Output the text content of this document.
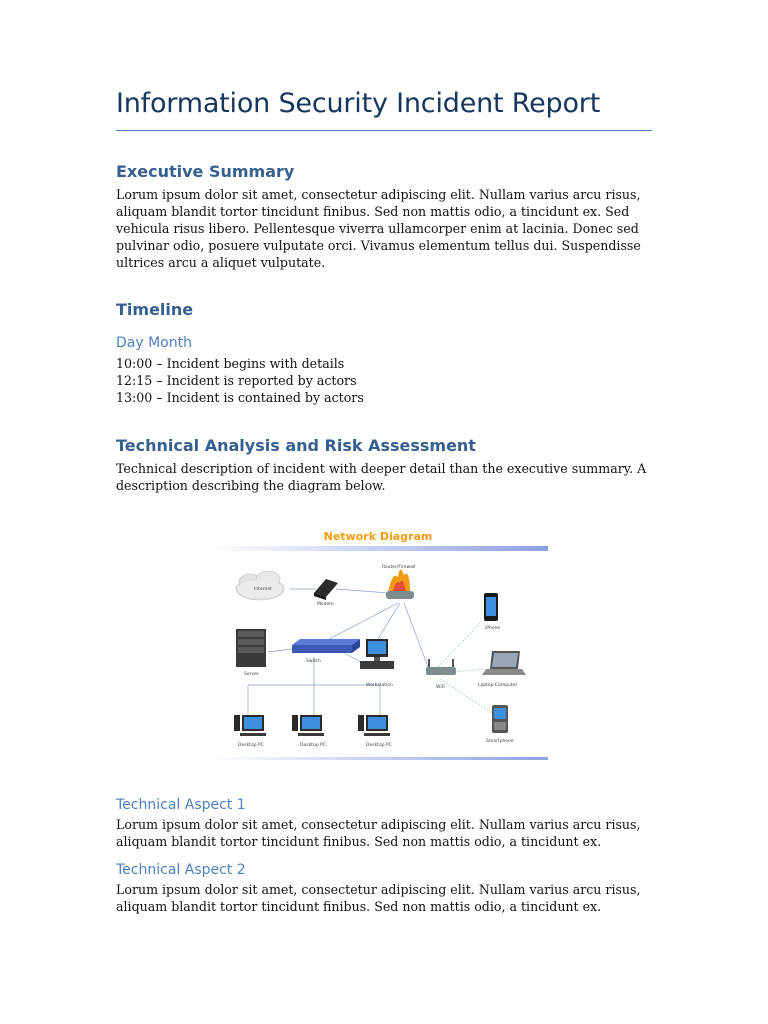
Information Security Incident Report
Executive Summary

Lorum ipsum dolor sit amet, consectetur adipiscing elit. Nullam varius arcu risus, aliquam blandit tortor tincidunt finibus. Sed non mattis odio, a tincidunt ex. Sed vehicula risus libero. Pellentesque viverra ullamcorper enim at lacinia. Donec sed pulvinar odio, posuere vulputate orci. Vivamus elementum tellus dui. Suspendisse ultrices arcu a aliquet vulputate.

Timeline
Day Month
10:00 – Incident begins with details
12:15 – Incident is reported by actors
13:00 – Incident is contained by actors
Technical Analysis and Risk Assessment

Technical description of incident with deeper detail than the executive summary. A description describing the diagram below.

Technical Aspect 1

Lorum ipsum dolor sit amet, consectetur adipiscing elit. Nullam varius arcu risus, aliquam blandit tortor tincidunt finibus. Sed non mattis odio, a tincidunt ex.

Technical Aspect 2

Lorum ipsum dolor sit amet, consectetur adipiscing elit. Nullam varius arcu risus, aliquam blandit tortor tincidunt finibus. Sed non mattis odio, a tincidunt ex.

Network Diagram
Internet
Modem
Router/Firewall
iPhone
Server
Switch
Workstation	WiFi	Laptop Computer
Smartphone
Desktop PC	Desktop PC	Desktop PC
